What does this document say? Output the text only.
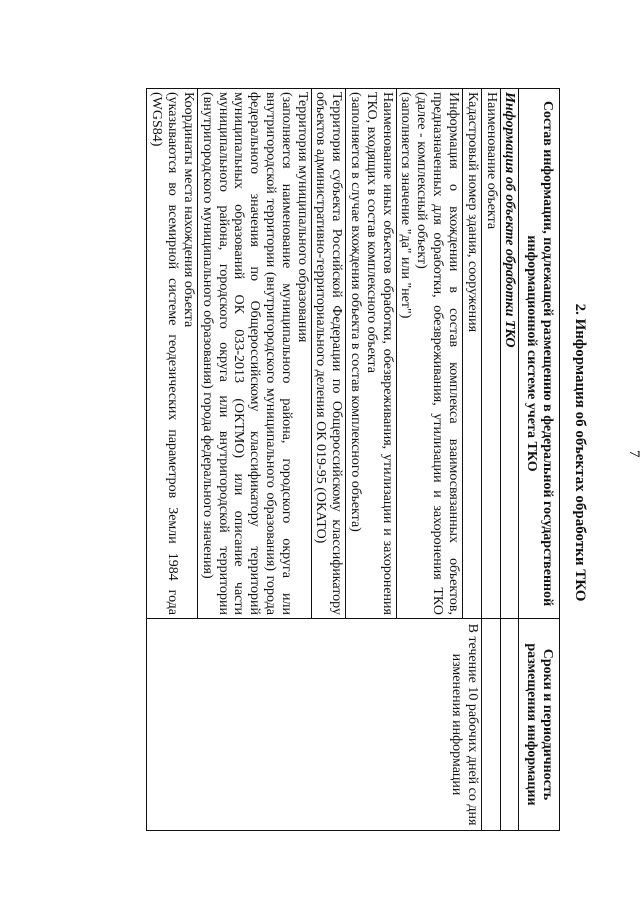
7
2. Информация об объектах обработки ТКО
Состав информации, подлежащей размещению в федеральной государственной информационной системе учета ТКО	Сроки и периодичность размещения информации
Информация об объекте обработки ТКО	
Наименование объекта	
Кадастровый номер здания, сооружения	В течение 10 рабочих дней со дня изменения информации

Информация о вхождении в состав комплекса взаимосвязанных объектов, предназначенных для обработки, обезвреживания, утилизации и захоронения ТКО (далее - комплексный объект)
(заполняется значение "да" или "нет")	

Наименование иных объектов обработки, обезвреживания, утилизации и захоронения ТКО, входящих в состав комплексного объекта
(заполняется в случае вхождения объекта в состав комплексного объекта)	

Территория субъекта Российской Федерации по Общероссийскому классификатору объектов административно-территориального деления ОК 019-95 (ОКАТО)	

Территория муниципального образования
(заполняется наименование муниципального района, городского округа или внутригородской территории (внутригородского муниципального образования) города федерального значения по Общероссийскому классификатору территорий муниципальных образований ОК 033-2013 (ОКТМО) или описание части муниципального района, городского округа или внутригородской территории (внутригородского муниципального образования) города федерального значения)	

Координаты места нахождения объекта
(указываются во всемирной системе геодезических параметров Земли 1984 года (WGS84)	
